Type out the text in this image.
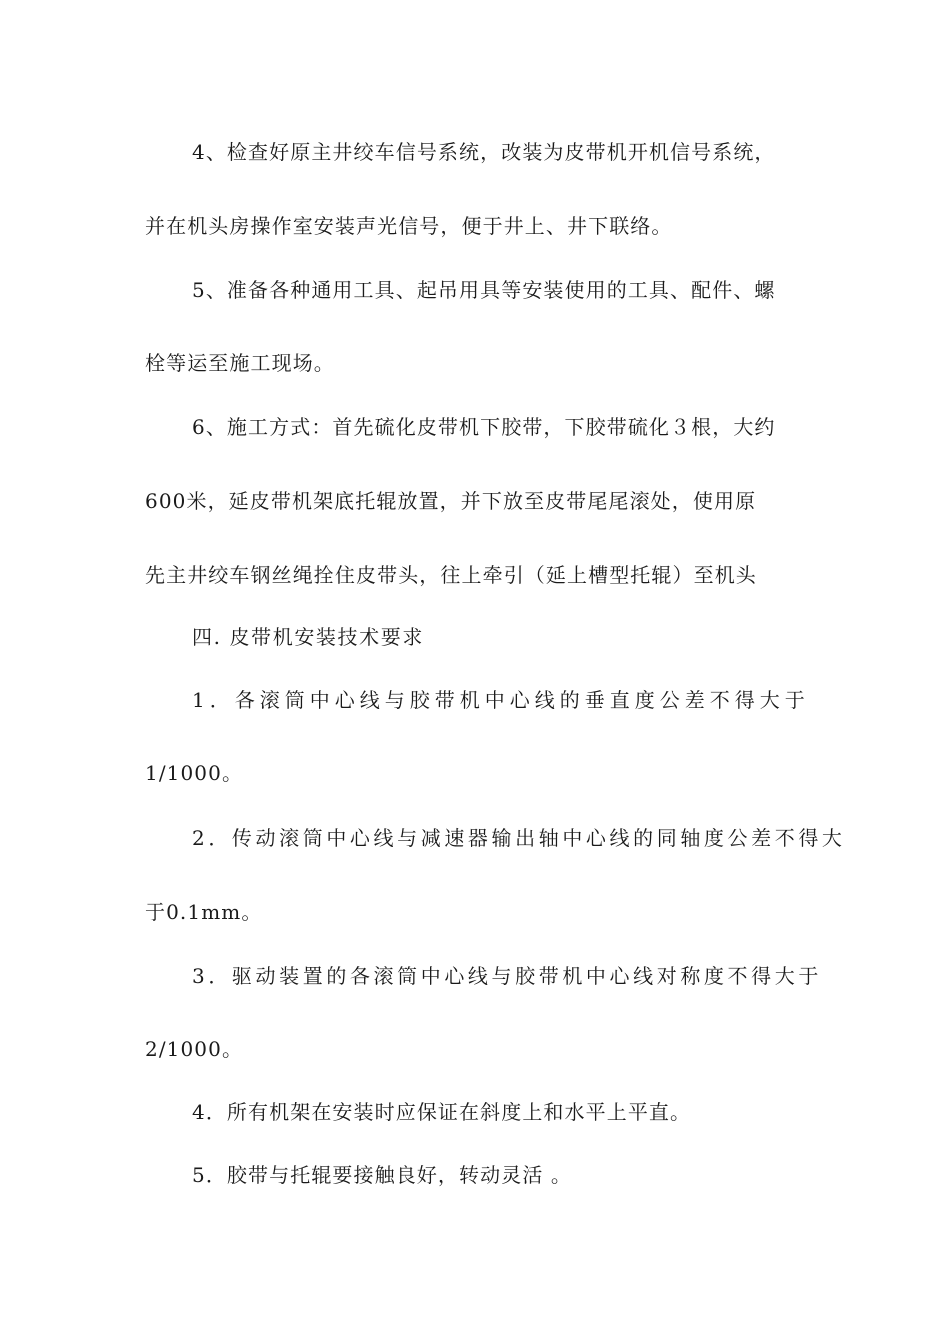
4、检查好原主井绞车信号系统，改装为皮带机开机信号系统，
并在机头房操作室安装声光信号，便于井上、井下联络。
5、准备各种通用工具、起吊用具等安装使用的工具、配件、螺
栓等运至施工现场。
6、施工方式：首先硫化皮带机下胶带，下胶带硫化３根，大约
600米，延皮带机架底托辊放置，并下放至皮带尾尾滚处，使用原
先主井绞车钢丝绳拴住皮带头，往上牵引（延上槽型托辊）至机头
四. 皮带机安装技术要求
1．各滚筒中心线与胶带机中心线的垂直度公差不得大于
1/1000。
2．传动滚筒中心线与减速器输出轴中心线的同轴度公差不得大
于0.1mm。
3．驱动装置的各滚筒中心线与胶带机中心线对称度不得大于
2/1000。
4．所有机架在安装时应保证在斜度上和水平上平直。
5．胶带与托辊要接触良好，转动灵活 。
